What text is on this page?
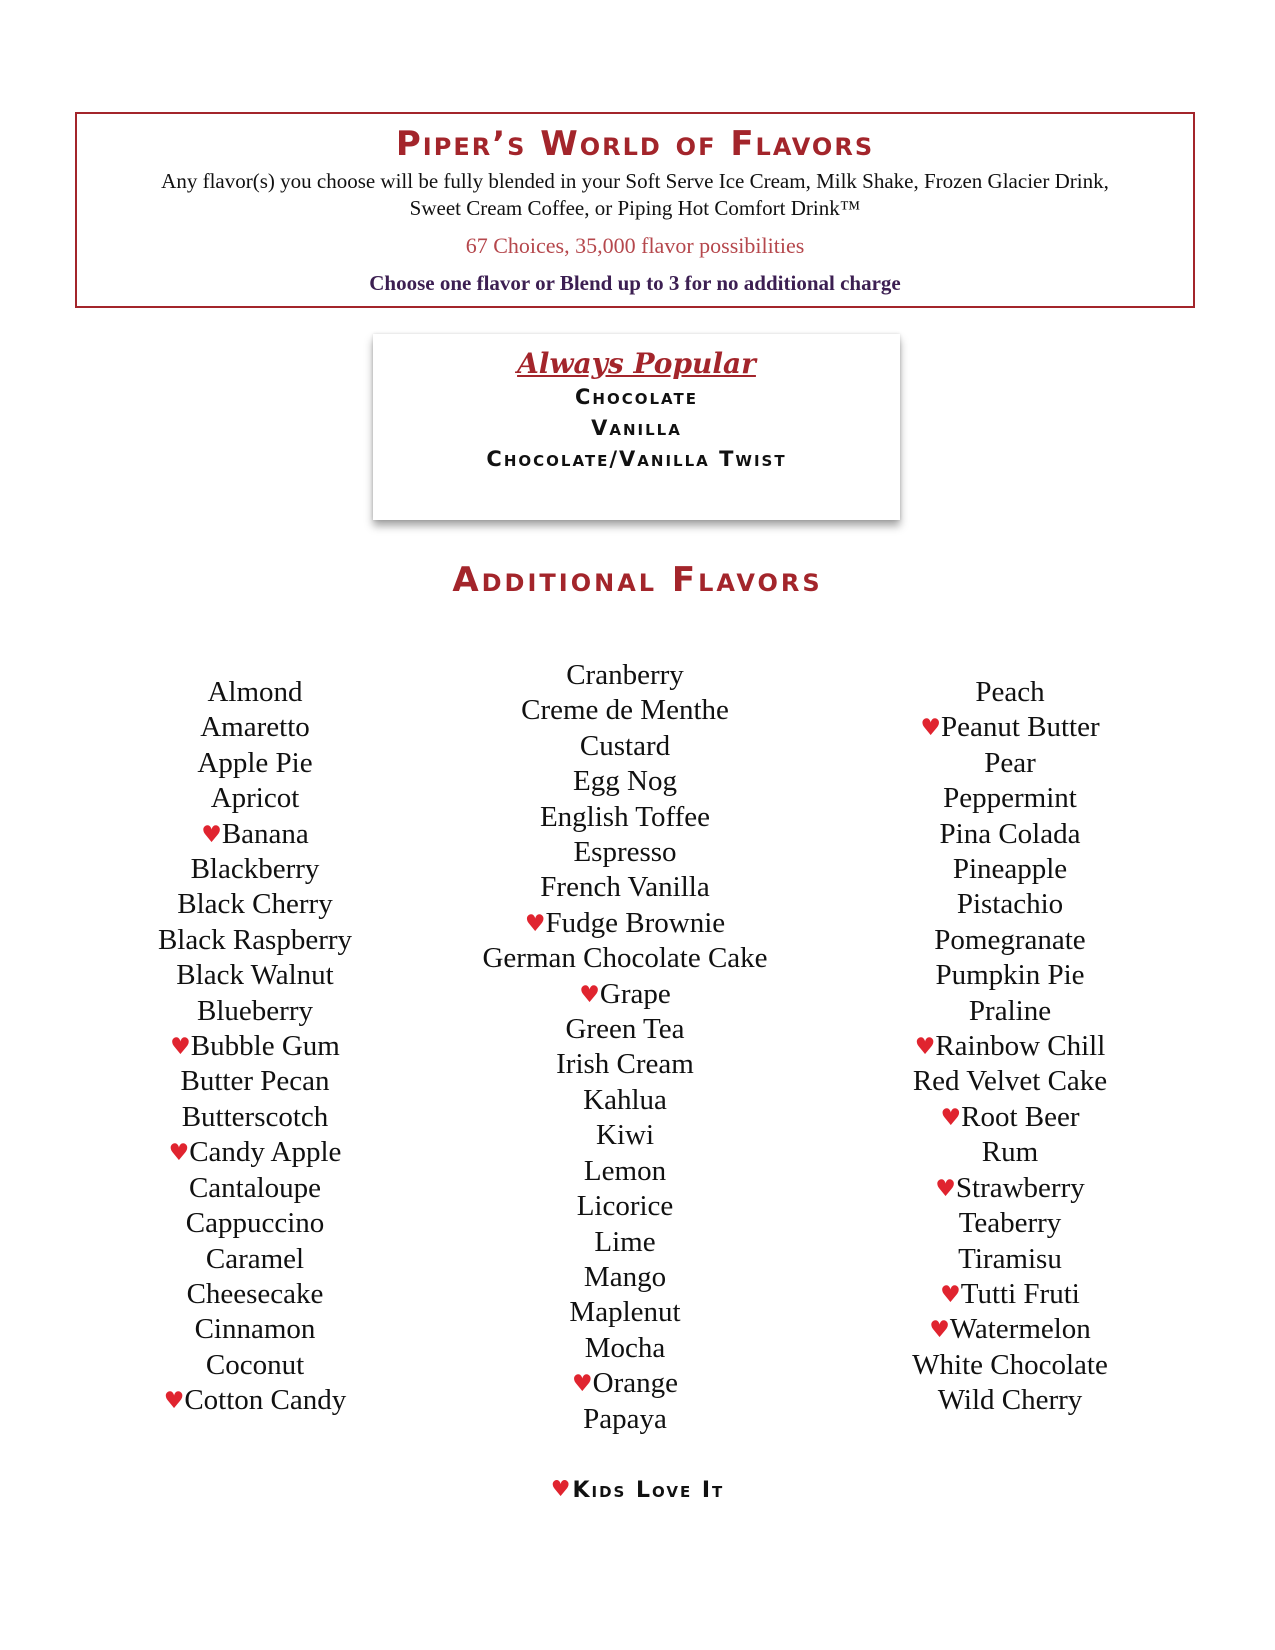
Piper’s World of Flavors
Any flavor(s) you choose will be fully blended in your Soft Serve Ice Cream, Milk Shake, Frozen Glacier Drink, Sweet Cream Coffee, or Piping Hot Comfort Drink™
67 Choices, 35,000 flavor possibilities
Choose one flavor or Blend up to 3 for no additional charge
Always Popular
Chocolate
Vanilla
Chocolate/Vanilla Twist
Additional Flavors
Almond
Amaretto
Apple Pie
Apricot
♥Banana
Blackberry
Black Cherry
Black Raspberry
Black Walnut
Blueberry
♥Bubble Gum
Butter Pecan
Butterscotch
♥Candy Apple
Cantaloupe
Cappuccino
Caramel
Cheesecake
Cinnamon
Coconut
♥Cotton Candy
Cranberry
Creme de Menthe
Custard
Egg Nog
English Toffee
Espresso
French Vanilla
♥Fudge Brownie
German Chocolate Cake
♥Grape
Green Tea
Irish Cream
Kahlua
Kiwi
Lemon
Licorice
Lime
Mango
Maplenut
Mocha
♥Orange
Papaya
Peach
♥Peanut Butter
Pear
Peppermint
Pina Colada
Pineapple
Pistachio
Pomegranate
Pumpkin Pie
Praline
♥Rainbow Chill
Red Velvet Cake
♥Root Beer
Rum
♥Strawberry
Teaberry
Tiramisu
♥Tutti Fruti
♥Watermelon
White Chocolate
Wild Cherry
♥Kids Love It
